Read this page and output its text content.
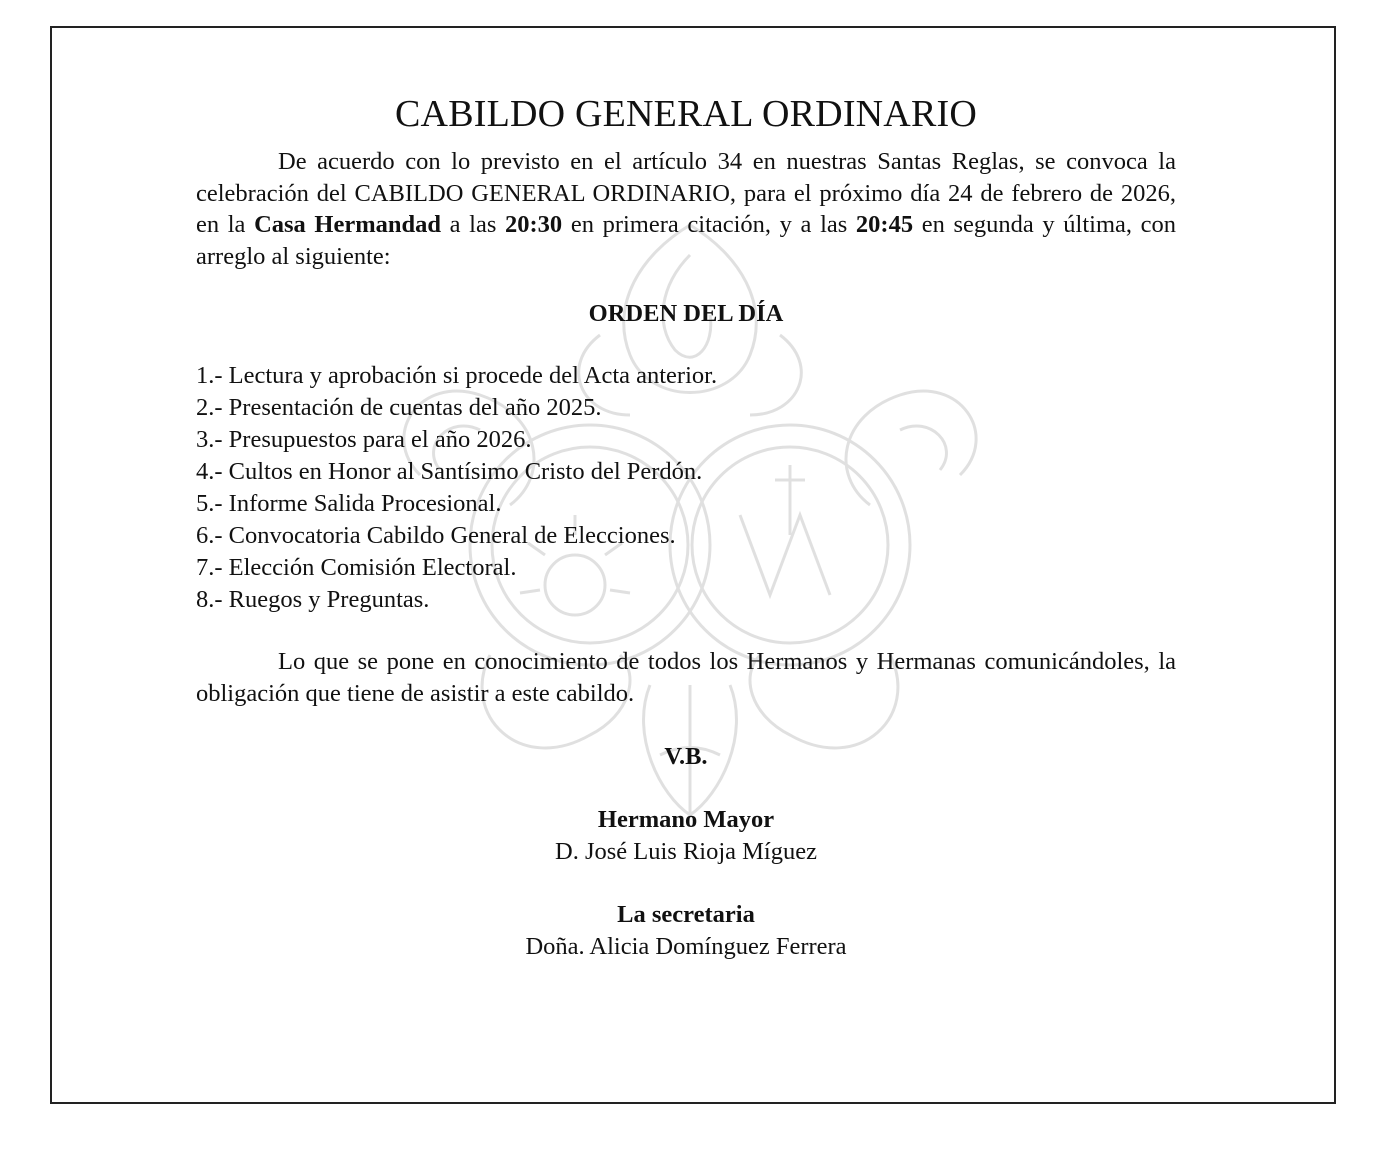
CABILDO GENERAL ORDINARIO

De acuerdo con lo previsto en el artículo 34 en nuestras Santas Reglas, se convoca la celebración del CABILDO GENERAL ORDINARIO, para el próximo día 24 de febrero de 2026, en la Casa Hermandad a las 20:30 en primera citación, y a las 20:45 en segunda y última, con arreglo al siguiente:

ORDEN DEL DÍA

1.- Lectura y aprobación si procede del Acta anterior.
2.- Presentación de cuentas del año 2025.
3.- Presupuestos para el año 2026.
4.- Cultos en Honor al Santísimo Cristo del Perdón.
5.- Informe Salida Procesional.
6.- Convocatoria Cabildo General de Elecciones.
7.- Elección Comisión Electoral.
8.- Ruegos y Preguntas.

Lo que se pone en conocimiento de todos los Hermanos y Hermanas comunicándoles, la obligación que tiene de asistir a este cabildo.

V.B.

Hermano Mayor

D. José Luis Rioja Míguez

La secretaria

Doña. Alicia Domínguez Ferrera
